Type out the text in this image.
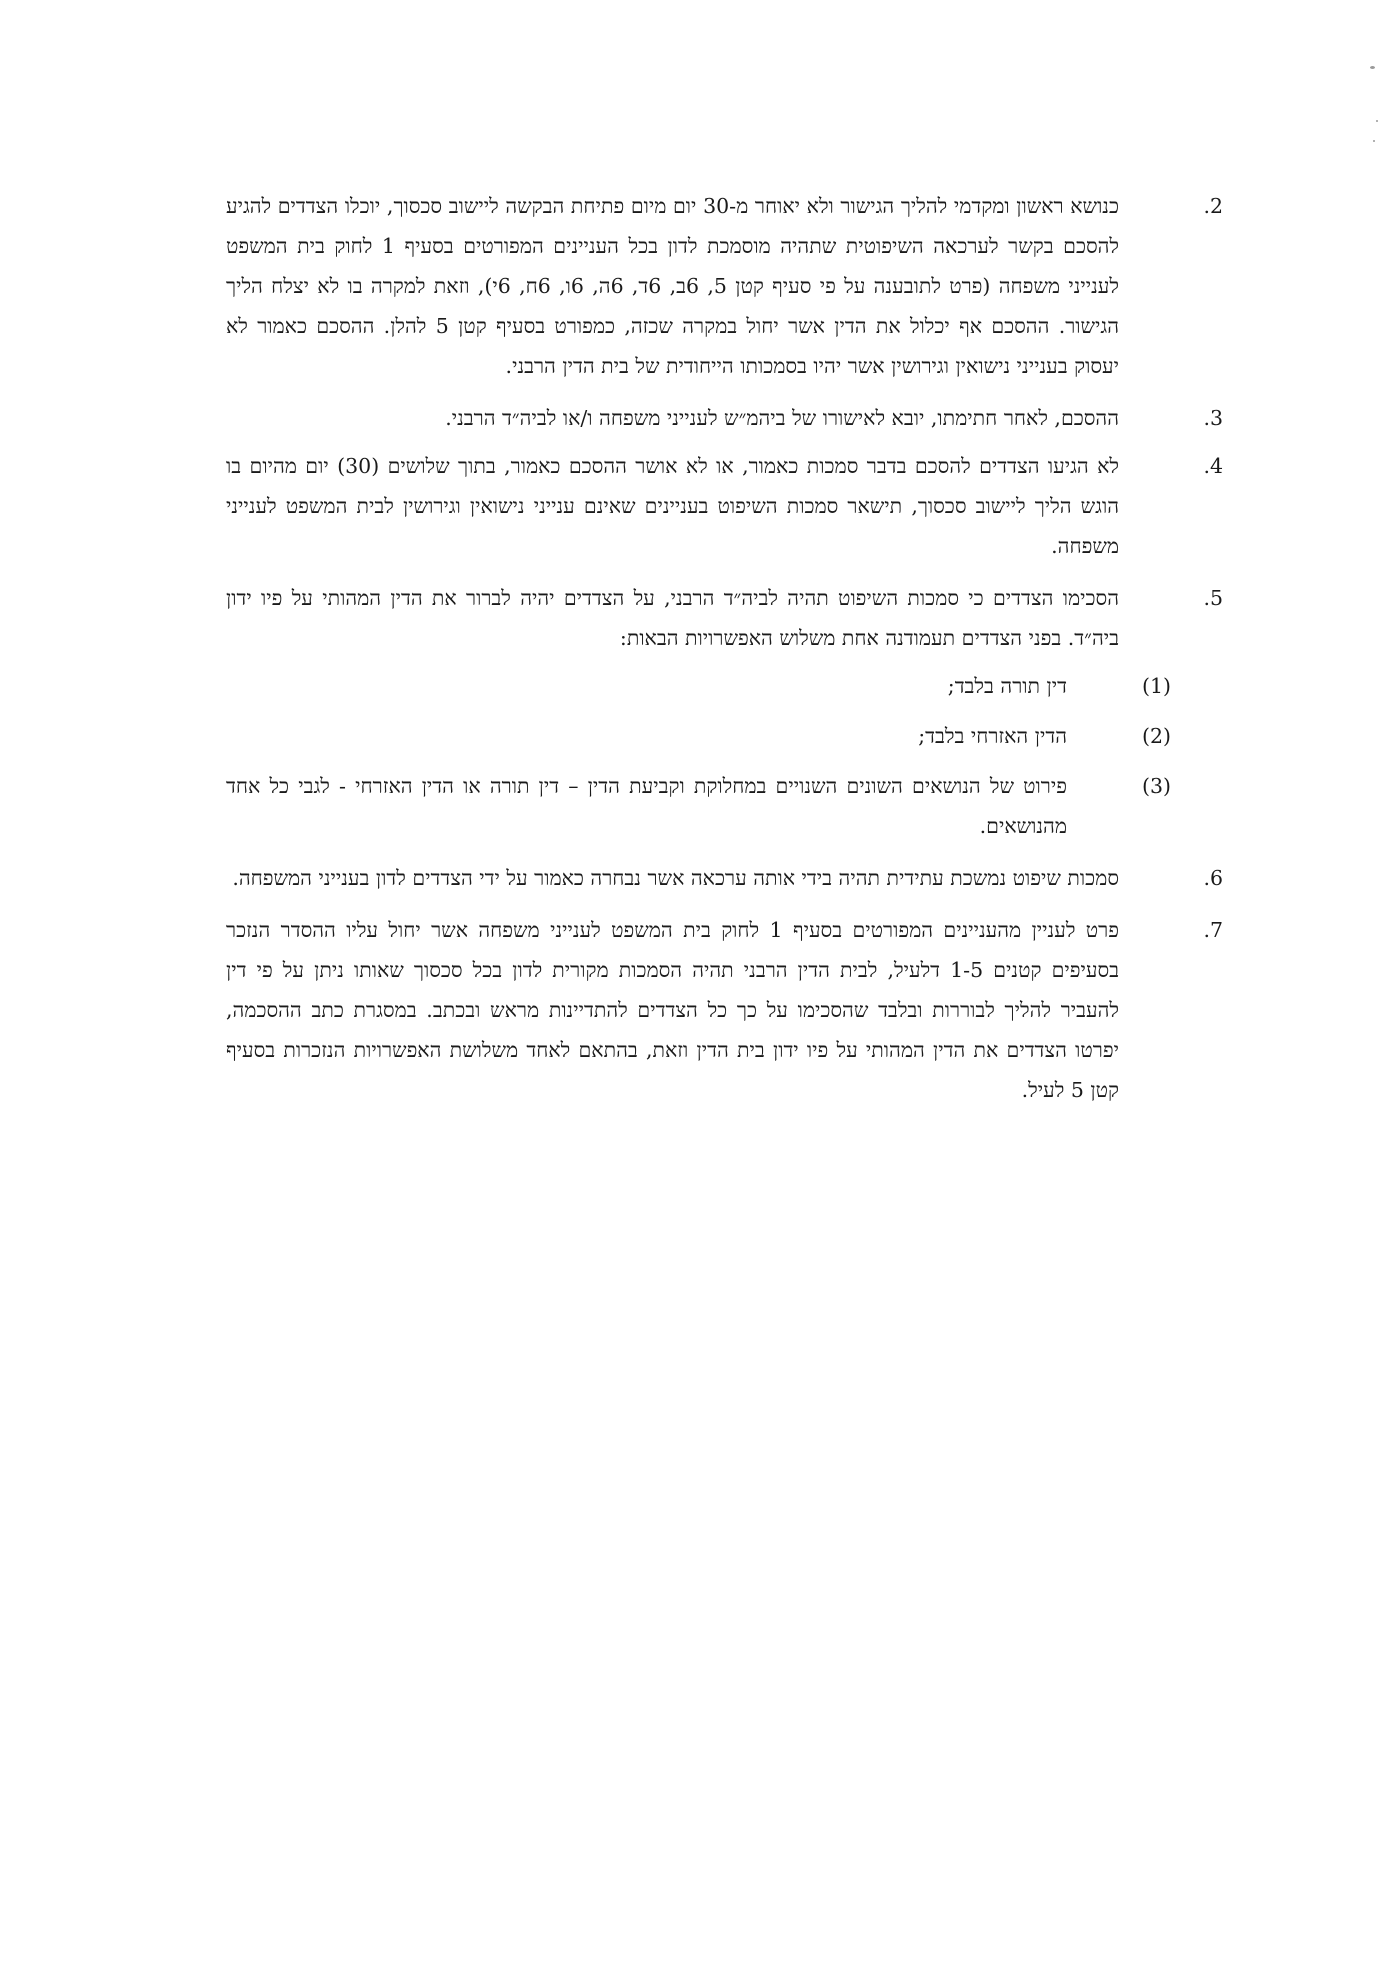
.2
כנושא ראשון ומקדמי להליך הגישור ולא יאוחר מ-30 יום מיום פתיחת הבקשה ליישוב סכסוך, יוכלו הצדדים להגיע להסכם בקשר לערכאה השיפוטית שתהיה מוסמכת לדון בכל העניינים המפורטים בסעיף 1 לחוק בית המשפט לענייני משפחה (פרט לתובענה על פי סעיף קטן 5, 6ב, 6ד, 6ה, 6ו, 6ח, 6י), וזאת למקרה בו לא יצלח הליך הגישור. ההסכם אף יכלול את הדין אשר יחול במקרה שכזה, כמפורט בסעיף קטן 5 להלן. ההסכם כאמור לא יעסוק בענייני נישואין וגירושין אשר יהיו בסמכותו הייחודית של בית הדין הרבני.
.3
ההסכם, לאחר חתימתו, יובא לאישורו של ביהמ״ש לענייני משפחה ו/או לביה״ד הרבני.
.4
לא הגיעו הצדדים להסכם בדבר סמכות כאמור, או לא אושר ההסכם כאמור, בתוך שלושים (30) יום מהיום בו הוגש הליך ליישוב סכסוך, תישאר סמכות השיפוט בעניינים שאינם ענייני נישואין וגירושין לבית המשפט לענייני משפחה.
.5
הסכימו הצדדים כי סמכות השיפוט תהיה לביה״ד הרבני, על הצדדים יהיה לברור את הדין המהותי על פיו ידון ביה״ד. בפני הצדדים תעמודנה אחת משלוש האפשרויות הבאות:
(1)
דין תורה בלבד;
(2)
הדין האזרחי בלבד;
(3)
פירוט של הנושאים השונים השנויים במחלוקת וקביעת הדין – דין תורה או הדין האזרחי - לגבי כל אחד מהנושאים.
.6
סמכות שיפוט נמשכת עתידית תהיה בידי אותה ערכאה אשר נבחרה כאמור על ידי הצדדים לדון בענייני המשפחה.
.7
פרט לעניין מהעניינים המפורטים בסעיף 1 לחוק בית המשפט לענייני משפחה אשר יחול עליו ההסדר הנזכר בסעיפים קטנים 1-5 דלעיל, לבית הדין הרבני תהיה הסמכות מקורית לדון בכל סכסוך שאותו ניתן על פי דין להעביר להליך לבוררות ובלבד שהסכימו על כך כל הצדדים להתדיינות מראש ובכתב. במסגרת כתב ההסכמה, יפרטו הצדדים את הדין המהותי על פיו ידון בית הדין וזאת, בהתאם לאחד משלושת האפשרויות הנזכרות בסעיף קטן 5 לעיל.
